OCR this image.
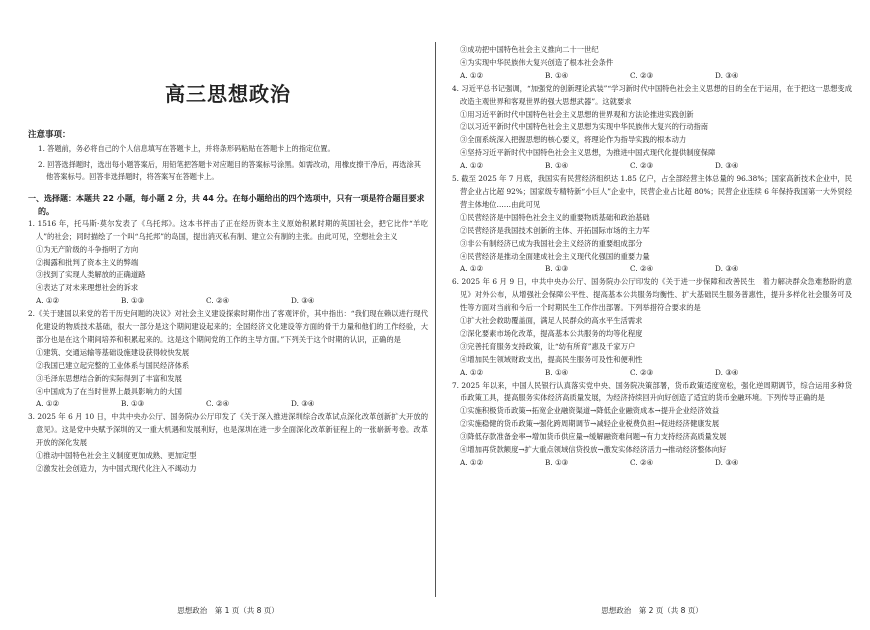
高三思想政治
注意事项：
1. 答题前，务必将自己的个人信息填写在答题卡上，并将条形码粘贴在答题卡上的指定位置。
2. 回答选择题时，选出每小题答案后，用铅笔把答题卡对应题目的答案标号涂黑。如需改动，用橡皮擦干净后，再选涂其他答案标号。回答非选择题时，将答案写在答题卡上。
一、选择题：本题共 22 小题，每小题 2 分，共 44 分。在每小题给出的四个选项中，只有一项是符合题目要求的。
1. 1516 年，托马斯·莫尔发表了《乌托邦》。这本书抨击了正在经历资本主义原始积累时期的英国社会，把它比作“羊吃人”的社会；同时描绘了一个叫“乌托邦”的岛国，提出消灭私有制、建立公有制的主张。由此可见，空想社会主义
①为无产阶级的斗争指明了方向
②揭露和批判了资本主义的弊端
③找到了实现人类解放的正确道路
④表达了对未来理想社会的诉求
A. ①②	B. ①③	C. ②④	D. ③④
2.《关于建国以来党的若干历史问题的决议》对社会主义建设探索时期作出了客观评价，其中指出：“我们现在赖以进行现代化建设的物质技术基础，很大一部分是这个期间建设起来的；全国经济文化建设等方面的骨干力量和他们的工作经验，大部分也是在这个期间培养和积累起来的。这是这个期间党的工作的主导方面。”下列关于这个时期的认识，正确的是
①建筑、交通运输等基础设施建设获得较快发展
②我国已建立起完整的工业体系与国民经济体系
③毛泽东思想结合新的实际得到了丰富和发展
④中国成为了在当时世界上最具影响力的大国
A. ①②	B. ①③	C. ②④	D. ③④
3. 2025 年 6 月 10 日，中共中央办公厅、国务院办公厅印发了《关于深入推进深圳综合改革试点深化改革创新扩大开放的意见》。这是党中央赋予深圳的又一重大机遇和发展利好，也是深圳在进一步全面深化改革新征程上的一张崭新考卷。改革开放的深化发展
①推动中国特色社会主义制度更加成熟、更加定型
②激发社会创造力，为中国式现代化注入不竭动力
思想政治　第 1 页（共 8 页）
③成功把中国特色社会主义推向二十一世纪
④为实现中华民族伟大复兴创造了根本社会条件
A. ①②	B. ①④	C. ②③	D. ③④
4. 习近平总书记强调，“加强党的创新理论武装”“学习新时代中国特色社会主义思想的目的全在于运用，在于把这一思想变成改造主观世界和客观世界的强大思想武器”。这就要求
①用习近平新时代中国特色社会主义思想的世界观和方法论推进实践创新
②以习近平新时代中国特色社会主义思想为实现中华民族伟大复兴的行动指南
③全面系统深入把握思想的核心要义，将理论作为指导实践的根本动力
④坚持习近平新时代中国特色社会主义思想，为推进中国式现代化提供制度保障
A. ①②	B. ①④	C. ②③	D. ③④
5. 截至 2025 年 7 月底，我国实有民营经济组织达 1.85 亿户，占全部经营主体总量的 96.38%；国家高新技术企业中，民营企业占比超 92%；国家级专精特新“小巨人”企业中，民营企业占比超 80%；民营企业连续 6 年保持我国第一大外贸经营主体地位……由此可见
①民营经济是中国特色社会主义的重要物质基础和政治基础
②民营经济是我国技术创新的主体、开拓国际市场的主力军
③非公有制经济已成为我国社会主义经济的重要组成部分
④民营经济是推动全面建成社会主义现代化强国的重要力量
A. ①②	B. ①③	C. ②④	D. ③④
6. 2025 年 6 月 9 日，中共中央办公厅、国务院办公厅印发的《关于进一步保障和改善民生　着力解决群众急难愁盼的意见》对外公布，从增强社会保障公平性、提高基本公共服务均衡性、扩大基础民生服务普惠性，提升多样化社会服务可及性等方面对当前和今后一个时期民生工作作出部署。下列举措符合要求的是
①扩大社会救助覆盖面，满足人民群众的高水平生活需求
②深化要素市场化改革，提高基本公共服务的均等化程度
③完善托育服务支持政策，让“幼有所育”惠及千家万户
④增加民生领域财政支出，提高民生服务可及性和便利性
A. ①②	B. ①④	C. ②③	D. ③④
7. 2025 年以来，中国人民银行认真落实党中央、国务院决策部署，货币政策适度宽松，强化逆周期调节，综合运用多种货币政策工具，提高服务实体经济高质量发展，为经济持续回升向好创造了适宜的货币金融环境。下列传导正确的是
①实施积极货币政策→拓宽企业融资渠道→降低企业融资成本→提升企业经济效益
②实施稳健的货币政策→强化跨周期调节→减轻企业税费负担→促进经济健康发展
③降低存款准备金率→增加货币供应量→缓解融资难问题→有力支持经济高质量发展
④增加再贷款额度→扩大重点领域信贷投放→激发实体经济活力→推动经济整体向好
A. ①②	B. ①③	C. ②④	D. ③④
思想政治　第 2 页（共 8 页）
